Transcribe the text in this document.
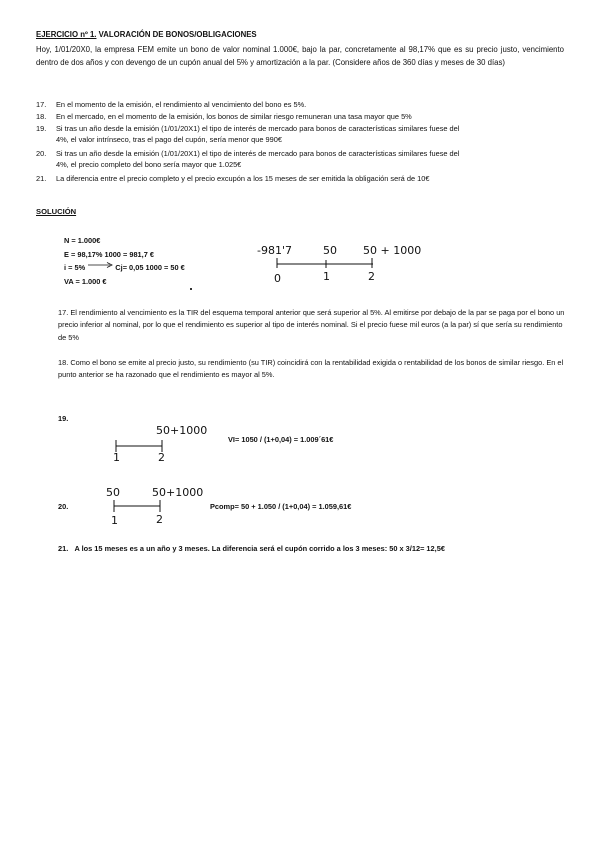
EJERCICIO nº 1. VALORACIÓN DE BONOS/OBLIGACIONES
Hoy, 1/01/20X0, la empresa FEM emite un bono de valor nominal 1.000€, bajo la par, concretamente al 98,17% que es su precio justo, vencimiento dentro de dos años y con devengo de un cupón anual del 5% y amortización a la par. (Considere años de 360 días y meses de 30 días)
17. En el momento de la emisión, el rendimiento al vencimiento del bono es 5%.
18. En el mercado, en el momento de la emisión, los bonos de similar riesgo remuneran una tasa mayor que 5%
19. Si tras un año desde la emisión (1/01/20X1) el tipo de interés de mercado para bonos de características similares fuese del
4%, el valor intrínseco, tras el pago del cupón, sería menor que 990€
20. Si tras un año desde la emisión (1/01/20X1) el tipo de interés de mercado para bonos de características similares fuese del
4%, el precio completo del bono sería mayor que 1.025€
21. La diferencia entre el precio completo y el precio excupón a los 15 meses de ser emitida la obligación será de 10€
SOLUCIÓN
N = 1.000€
E = 98,17% 1000 = 981,7 €
i = 5%	Cj= 0,05 1000 = 50 €
VA = 1.000 €
-981'7	50 50 + 1000
0	1	2
17. El rendimiento al vencimiento es la TIR del esquema temporal anterior que será superior al 5%. Al emitirse por debajo de la par se paga por el bono un precio inferior al nominal, por lo que el rendimiento es superior al tipo de interés nominal. Si el precio fuese mil euros (a la par) sí que sería su rendimiento de 5%
18. Como el bono se emite al precio justo, su rendimiento (su TIR) coincidirá con la rentabilidad exigida o rentabilidad de los bonos de similar riesgo. En el punto anterior se ha razonado que el rendimiento es mayor al 5%.
19.
50+1000
1	2
VI= 1050 / (1+0,04) = 1.009´61€
20.
50	50+1000
1	2
Pcomp= 50 + 1.050 / (1+0,04) = 1.059,61€
21. A los 15 meses es a un año y 3 meses. La diferencia será el cupón corrido a los 3 meses: 50 x 3/12= 12,5€
